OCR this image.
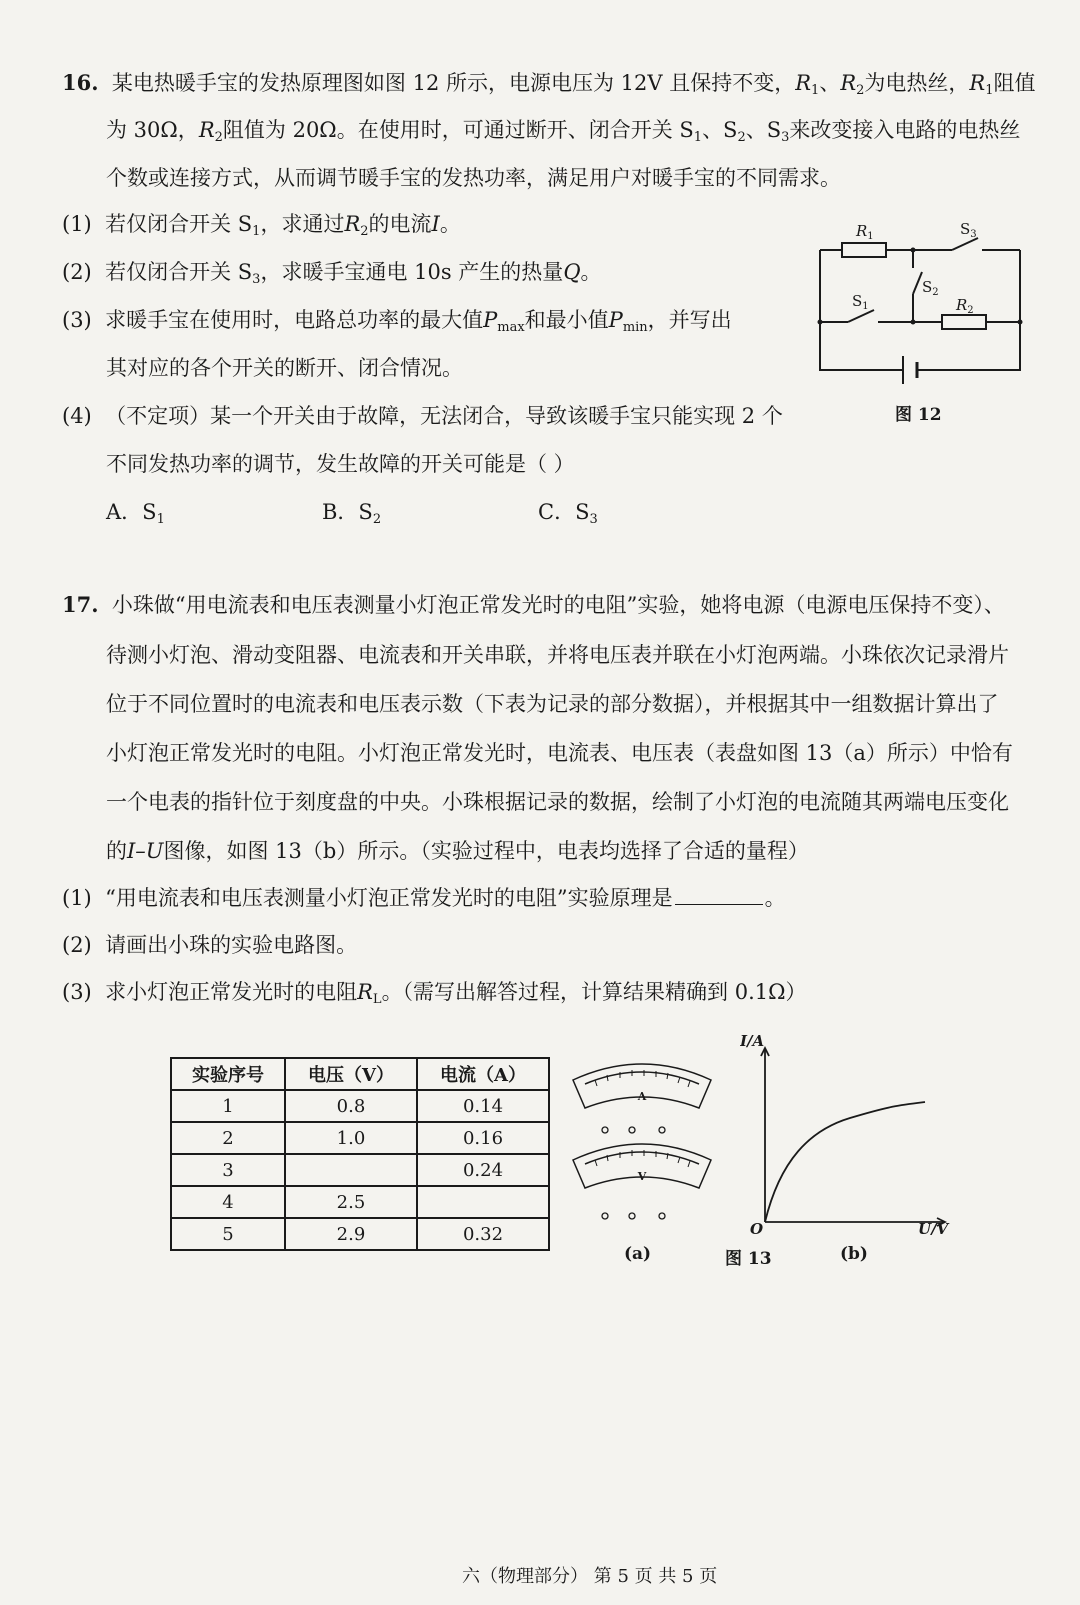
16. 某电热暖手宝的发热原理图如图 12 所示，电源电压为 12V 且保持不变，$R_1$、$R_2$为电热丝，$R_1$阻值
为 30Ω，$R_2$阻值为 20Ω。在使用时，可通过断开、闭合开关 $S_1$、$S_2$、$S_3$来改变接入电路的电热丝
个数或连接方式，从而调节暖手宝的发热功率，满足用户对暖手宝的不同需求。
(1) 若仅闭合开关 $S_1$，求通过$R_2$的电流I。
(2) 若仅闭合开关 $S_3$，求暖手宝通电 10s 产生的热量Q。
(3) 求暖手宝在使用时，电路总功率的最大值$P_{max}$和最小值$P_{min}$，并写出
其对应的各个开关的断开、闭合情况。
(4) （不定项）某一个开关由于故障，无法闭合，导致该暖手宝只能实现 2 个
不同发热功率的调节，发生故障的开关可能是（ ）
A．$S_1$	B．$S_2$	C．$S_3$
$R_1$
$R_2$
$S_3$
$S_1$
$S_2$
图 12
17. 小珠做“用电流表和电压表测量小灯泡正常发光时的电阻”实验，她将电源（电源电压保持不变）、
待测小灯泡、滑动变阻器、电流表和开关串联，并将电压表并联在小灯泡两端。小珠依次记录滑片
位于不同位置时的电流表和电压表示数（下表为记录的部分数据），并根据其中一组数据计算出了
小灯泡正常发光时的电阻。小灯泡正常发光时，电流表、电压表（表盘如图 13（a）所示）中恰有
一个电表的指针位于刻度盘的中央。小珠根据记录的数据，绘制了小灯泡的电流随其两端电压变化
的I–U图像，如图 13（b）所示。（实验过程中，电表均选择了合适的量程）
(1) “用电流表和电压表测量小灯泡正常发光时的电阻”实验原理是	。
(2) 请画出小珠的实验电路图。
(3) 求小灯泡正常发光时的电阻$R_L$。（需写出解答过程，计算结果精确到 0.1Ω）
实验序号	电压（V）	电流（A）
1	0.8	0.14
2	1.0	0.16
3		0.24
4	2.5	
5	2.9	0.32
A
V
I/A
U/V
O
(a)	图 13	(b)
六（物理部分） 第 5 页 共 5 页
